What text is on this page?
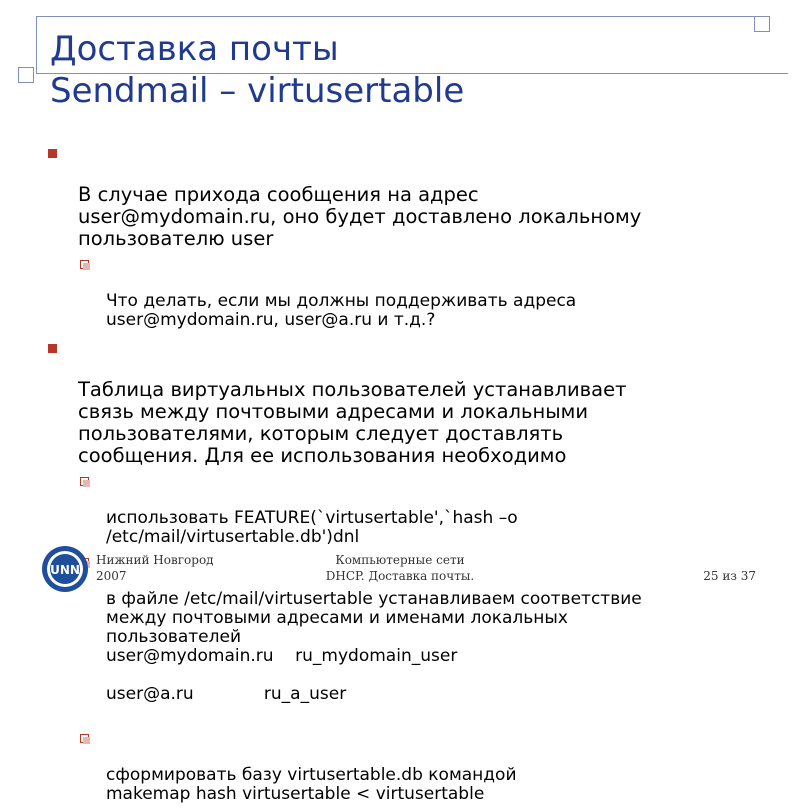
Доставка почты
Sendmail – virtusertable

В случае прихода сообщения на адрес
user@mydomain.ru, оно будет доставлено локальному
пользователю user

Что делать, если мы должны поддерживать адреса
user@mydomain.ru, user@a.ru и т.д.?

Таблица виртуальных пользователей устанавливает
связь между почтовыми адресами и локальными
пользователями, которым следует доставлять
сообщения. Для ее использования необходимо

использовать FEATURE(`virtusertable',`hash –o
/etc/mail/virtusertable.db')dnl

в файле /etc/mail/virtusertable устанавливаем соответствие
между почтовыми адресами и именами локальных
пользователей

user@mydomain.ru ru_mydomain_user

user@a.ru	ru_a_user

сформировать базу virtusertable.db командой
makemap hash virtusertable < virtusertable

UNN
Нижний Новгород
2007
Компьютерные сети
DHCP. Доставка почты.	25 из 37
